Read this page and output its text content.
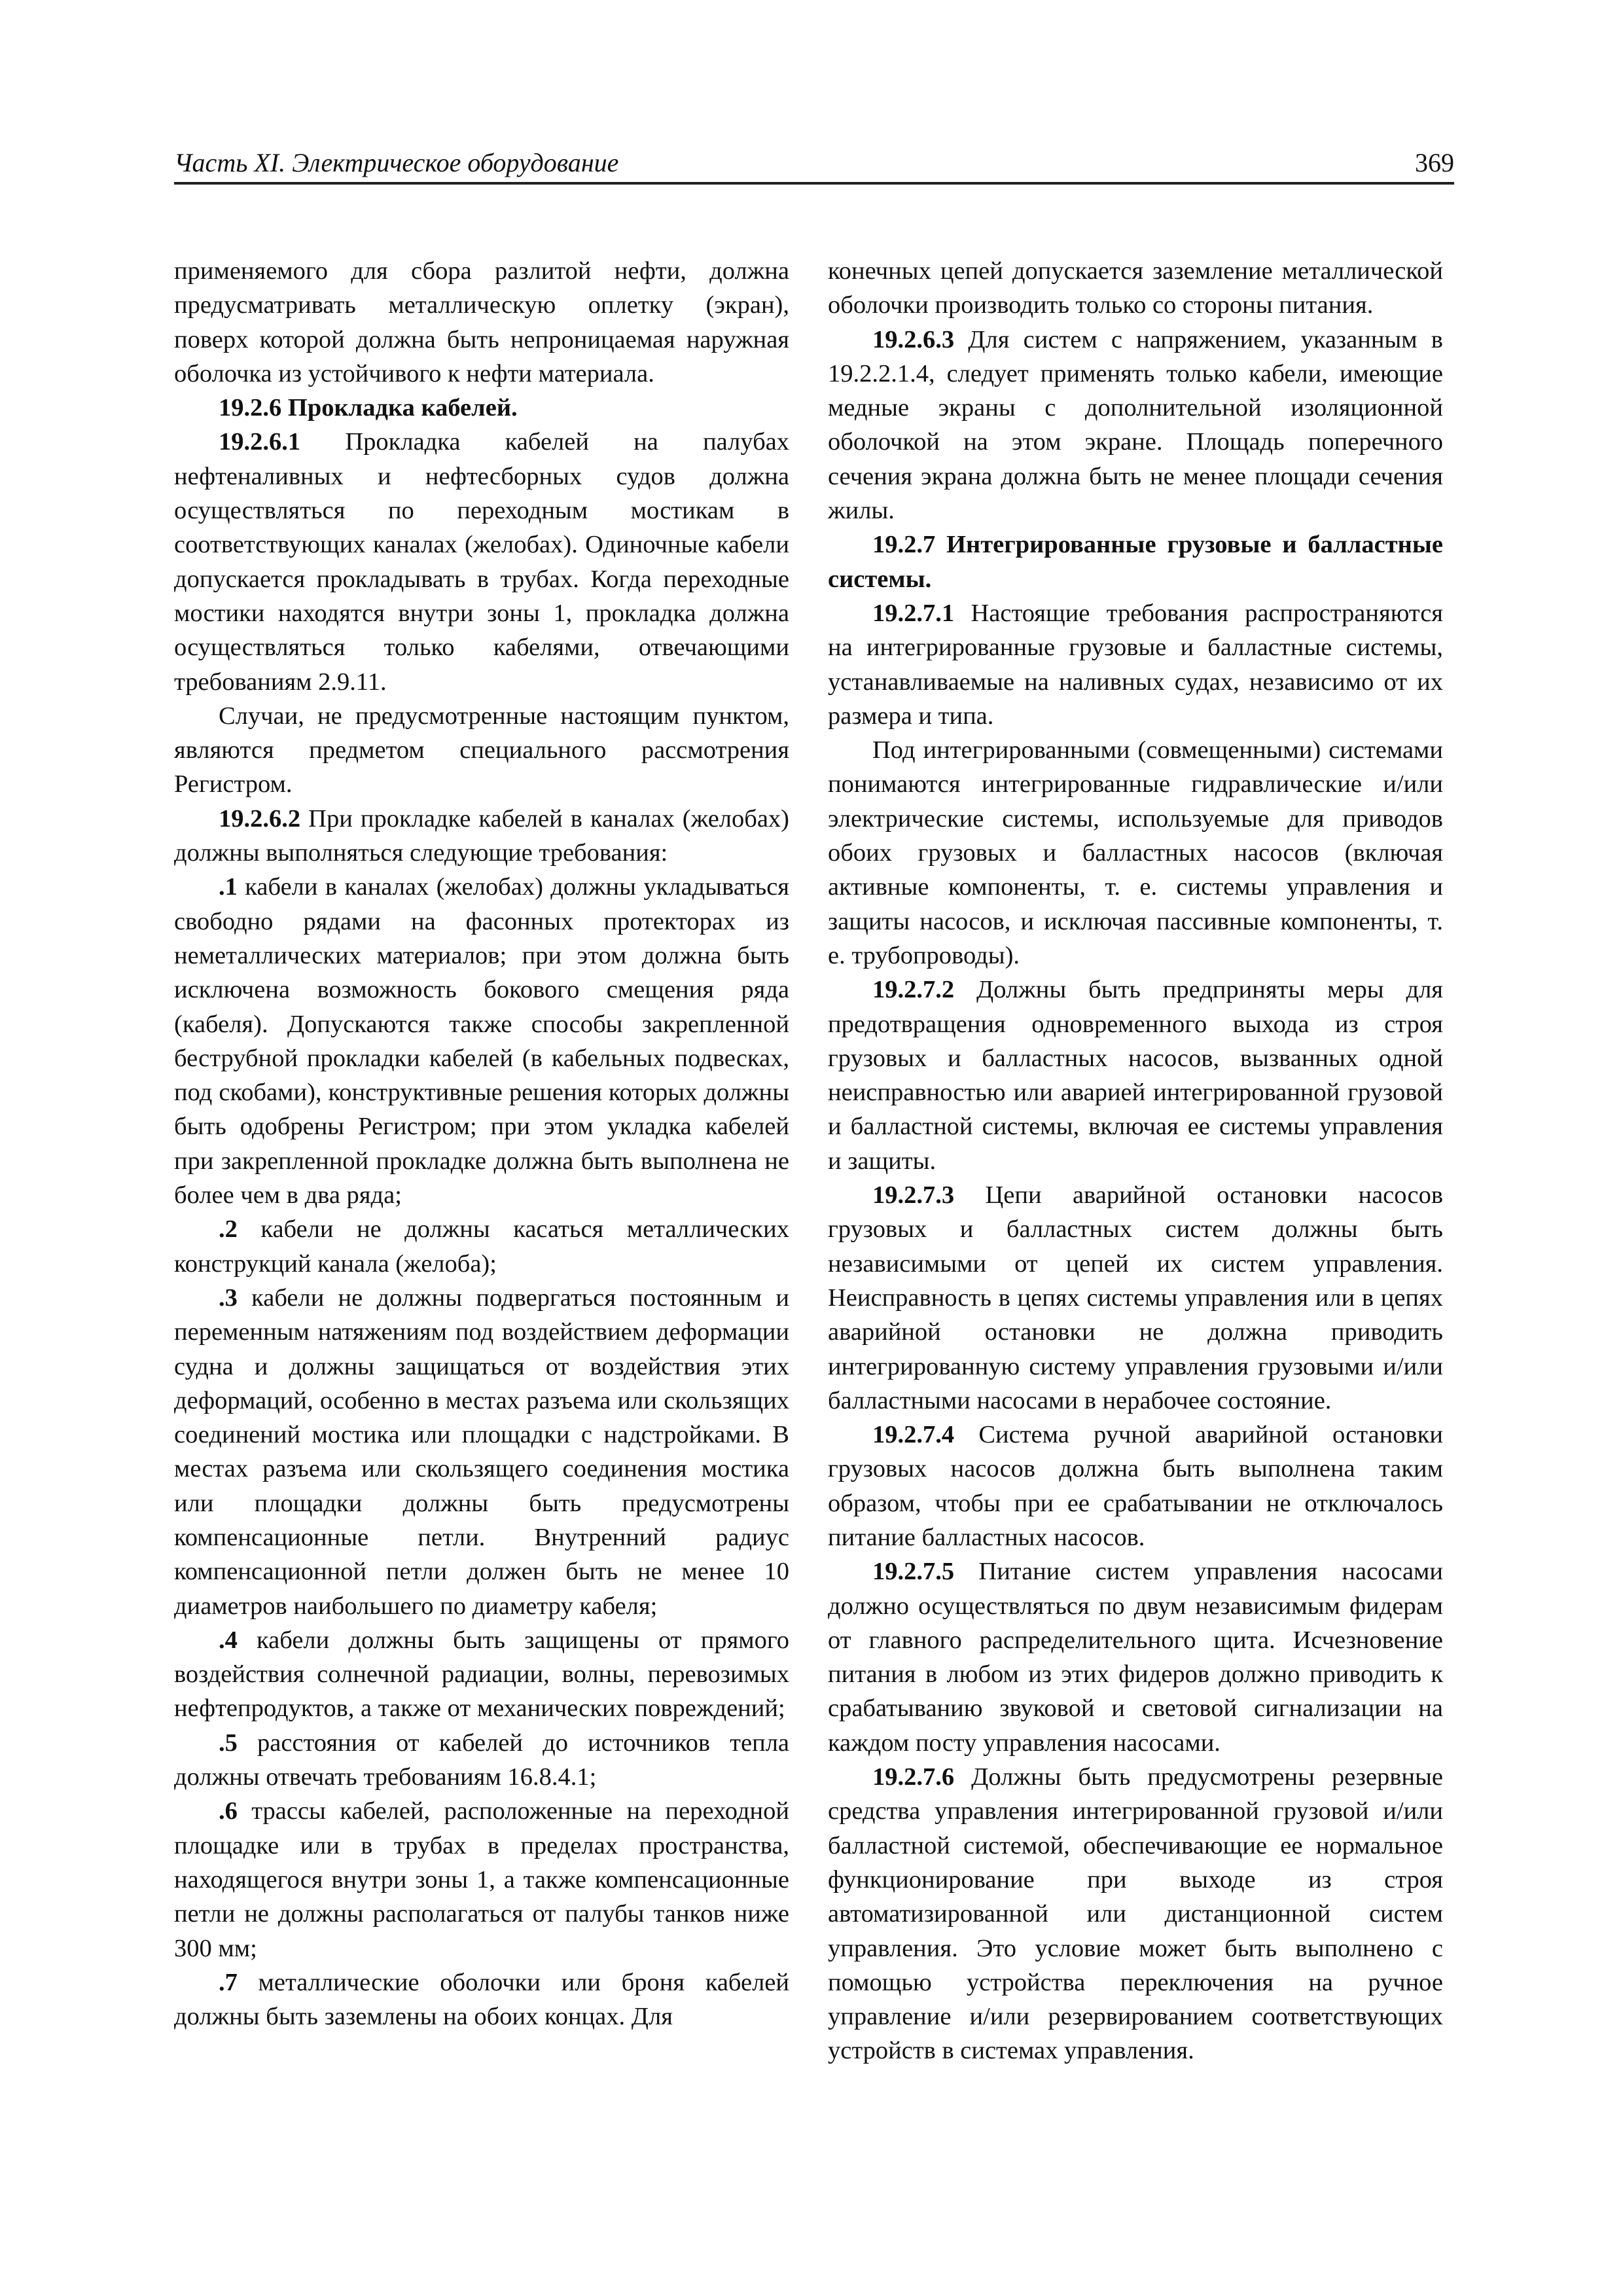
Часть XI. Электрическое оборудование	369

применяемого для сбора разлитой нефти, должна предусматривать металлическую оплетку (экран), поверх которой должна быть непроницаемая наружная оболочка из устойчивого к нефти материала.

19.2.6 Прокладка кабелей.

19.2.6.1 Прокладка кабелей на палубах нефтеналивных и нефтесборных судов должна осуществляться по переходным мостикам в соответствующих каналах (желобах). Одиночные кабели допускается прокладывать в трубах. Когда переходные мостики находятся внутри зоны 1, прокладка должна осуществляться только кабелями, отвечающими требованиям 2.9.11.

Случаи, не предусмотренные настоящим пунктом, являются предметом специального рассмотрения Регистром.

19.2.6.2 При прокладке кабелей в каналах (желобах) должны выполняться следующие требования:

.1 кабели в каналах (желобах) должны укладываться свободно рядами на фасонных протекторах из неметаллических материалов; при этом должна быть исключена возможность бокового смещения ряда (кабеля). Допускаются также способы закрепленной беструбной прокладки кабелей (в кабельных подвесках, под скобами), конструктивные решения которых должны быть одобрены Регистром; при этом укладка кабелей при закрепленной прокладке должна быть выполнена не более чем в два ряда;

.2 кабели не должны касаться металлических конструкций канала (желоба);

.3 кабели не должны подвергаться постоянным и переменным натяжениям под воздействием деформации судна и должны защищаться от воздействия этих деформаций, особенно в местах разъема или скользящих соединений мостика или площадки с надстройками. В местах разъема или скользящего соединения мостика или площадки должны быть предусмотрены компенсационные петли. Внутренний радиус компенсационной петли должен быть не менее 10 диаметров наибольшего по диаметру кабеля;

.4 кабели должны быть защищены от прямого воздействия солнечной радиации, волны, перевозимых нефтепродуктов, а также от механических повреждений;

.5 расстояния от кабелей до источников тепла должны отвечать требованиям 16.8.4.1;

.6 трассы кабелей, расположенные на переходной площадке или в трубах в пределах пространства, находящегося внутри зоны 1, а также компенсационные петли не должны располагаться от палубы танков ниже 300 мм;

.7 металлические оболочки или броня кабелей должны быть заземлены на обоих концах. Для

конечных цепей допускается заземление металлической оболочки производить только со стороны питания.

19.2.6.3 Для систем с напряжением, указанным в 19.2.2.1.4, следует применять только кабели, имеющие медные экраны с дополнительной изоляционной оболочкой на этом экране. Площадь поперечного сечения экрана должна быть не менее площади сечения жилы.

19.2.7 Интегрированные грузовые и балластные системы.

19.2.7.1 Настоящие требования распространяются на интегрированные грузовые и балластные системы, устанавливаемые на наливных судах, независимо от их размера и типа.

Под интегрированными (совмещенными) системами понимаются интегрированные гидравлические и/или электрические системы, используемые для приводов обоих грузовых и балластных насосов (включая активные компоненты, т. е. системы управления и защиты насосов, и исключая пассивные компоненты, т. е. трубопроводы).

19.2.7.2 Должны быть предприняты меры для предотвращения одновременного выхода из строя грузовых и балластных насосов, вызванных одной неисправностью или аварией интегрированной грузовой и балластной системы, включая ее системы управления и защиты.

19.2.7.3 Цепи аварийной остановки насосов грузовых и балластных систем должны быть независимыми от цепей их систем управления. Неисправность в цепях системы управления или в цепях аварийной остановки не должна приводить интегрированную систему управления грузовыми и/или балластными насосами в нерабочее состояние.

19.2.7.4 Система ручной аварийной остановки грузовых насосов должна быть выполнена таким образом, чтобы при ее срабатывании не отключалось питание балластных насосов.

19.2.7.5 Питание систем управления насосами должно осуществляться по двум независимым фидерам от главного распределительного щита. Исчезновение питания в любом из этих фидеров должно приводить к срабатыванию звуковой и световой сигнализации на каждом посту управления насосами.

19.2.7.6 Должны быть предусмотрены резервные средства управления интегрированной грузовой и/или балластной системой, обеспечивающие ее нормальное функционирование при выходе из строя автоматизированной или дистанционной систем управления. Это условие может быть выполнено с помощью устройства переключения на ручное управление и/или резервированием соответствующих устройств в системах управления.
